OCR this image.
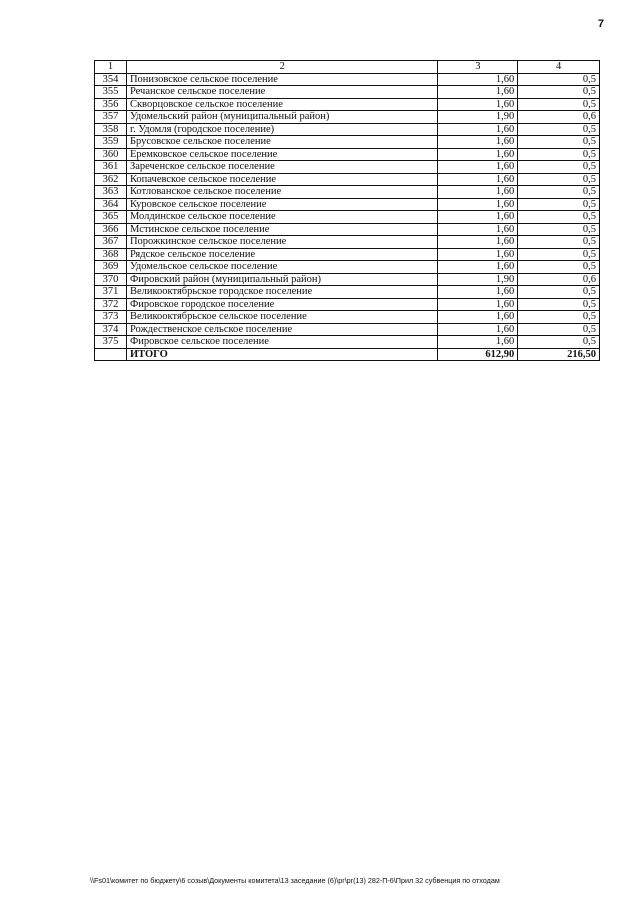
7
1	2	3	4
354	Понизовское сельское поселение	1,60	0,5
355	Речанское сельское поселение	1,60	0,5
356	Скворцовское сельское поселение	1,60	0,5
357	Удомельский район (муниципальный район)	1,90	0,6
358	г. Удомля (городское поселение)	1,60	0,5
359	Брусовское сельское поселение	1,60	0,5
360	Еремковское сельское поселение	1,60	0,5
361	Зареченское сельское поселение	1,60	0,5
362	Копачевское сельское поселение	1,60	0,5
363	Котлованское сельское поселение	1,60	0,5
364	Куровское сельское поселение	1,60	0,5
365	Молдинское сельское поселение	1,60	0,5
366	Мстинское сельское поселение	1,60	0,5
367	Порожкинское сельское поселение	1,60	0,5
368	Рядское сельское поселение	1,60	0,5
369	Удомельское сельское поселение	1,60	0,5
370	Фировский район (муниципальный район)	1,90	0,6
371	Великооктябрьское городское поселение	1,60	0,5
372	Фировское городское поселение	1,60	0,5
373	Великооктябрьское сельское поселение	1,60	0,5
374	Рождественское сельское поселение	1,60	0,5
375	Фировское сельское поселение	1,60	0,5
	ИТОГО	612,90	216,50
\\Fs01\комитет по бюджету\6 созыв\Документы комитета\13 заседание (6)\pr\pr(13) 282-П-6\Прил 32 субвенция по отходам
